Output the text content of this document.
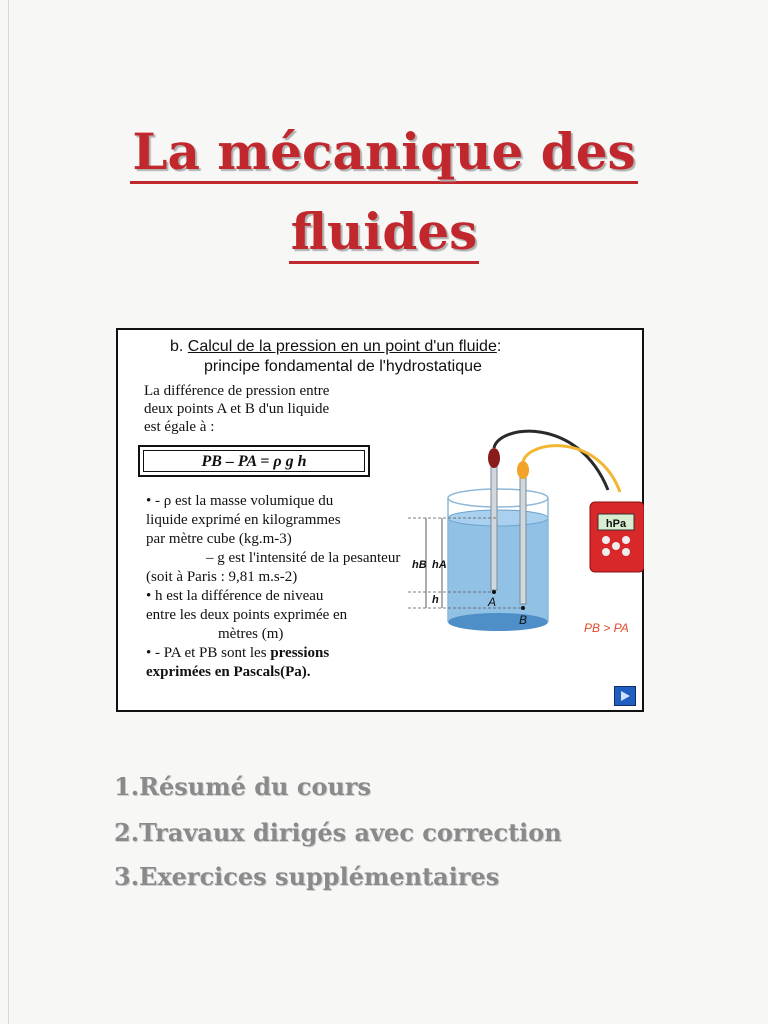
La mécanique des
fluides
b. Calcul de la pression en un point d'un fluide:
principe fondamental de l'hydrostatique
La différence de pression entre
deux points A et B d'un liquide
est égale à :
PB – PA = ρ g h

• - ρ est la masse volumique du

liquide exprimé en kilogrammes

par mètre cube (kg.m-3)

– g est l'intensité de la pesanteur

(soit à Paris : 9,81 m.s-2)

• h est la différence de niveau

entre les deux points exprimée en

mètres (m)

• - PA et PB sont les pressions

exprimées en Pascals(Pa).

hPa
hB hA
h	A
B
PB > PA
1.Résumé du cours
2.Travaux dirigés avec correction
3.Exercices supplémentaires
